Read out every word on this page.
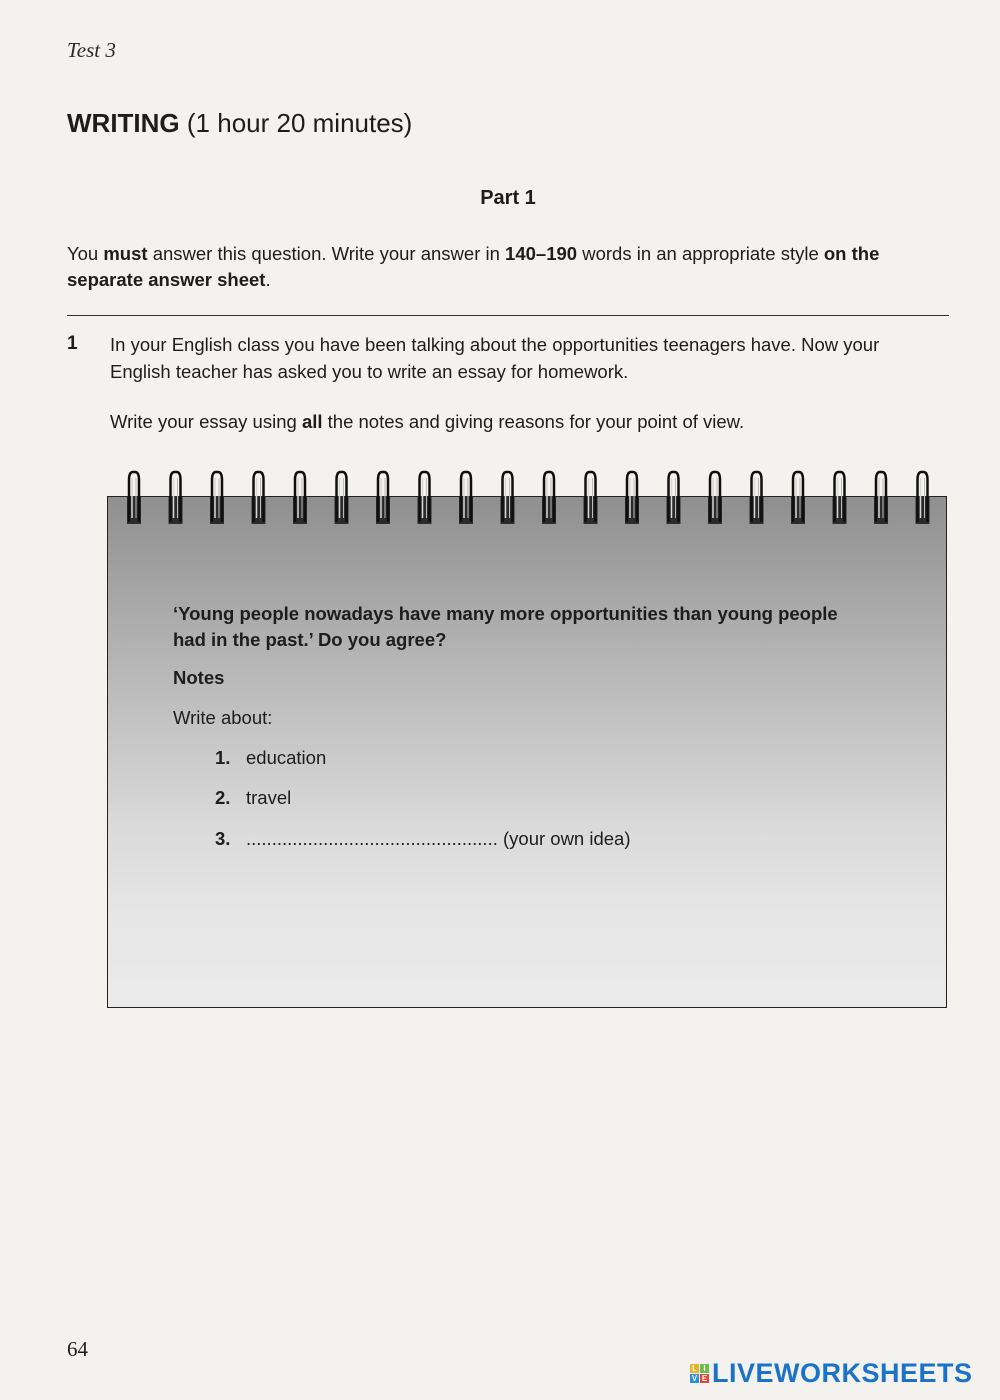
Test 3
WRITING (1 hour 20 minutes)
Part 1
You must answer this question. Write your answer in 140–190 words in an appropriate style on the separate answer sheet.
1 In your English class you have been talking about the opportunities teenagers have. Now your English teacher has asked you to write an essay for homework.
Write your essay using all the notes and giving reasons for your point of view.
‘Young people nowadays have many more opportunities than young people had in the past.’ Do you agree?
Notes
Write about:
1. education
2. travel
3. ................................................. (your own idea)
64
L I
V E LIVEWORKSHEETS
